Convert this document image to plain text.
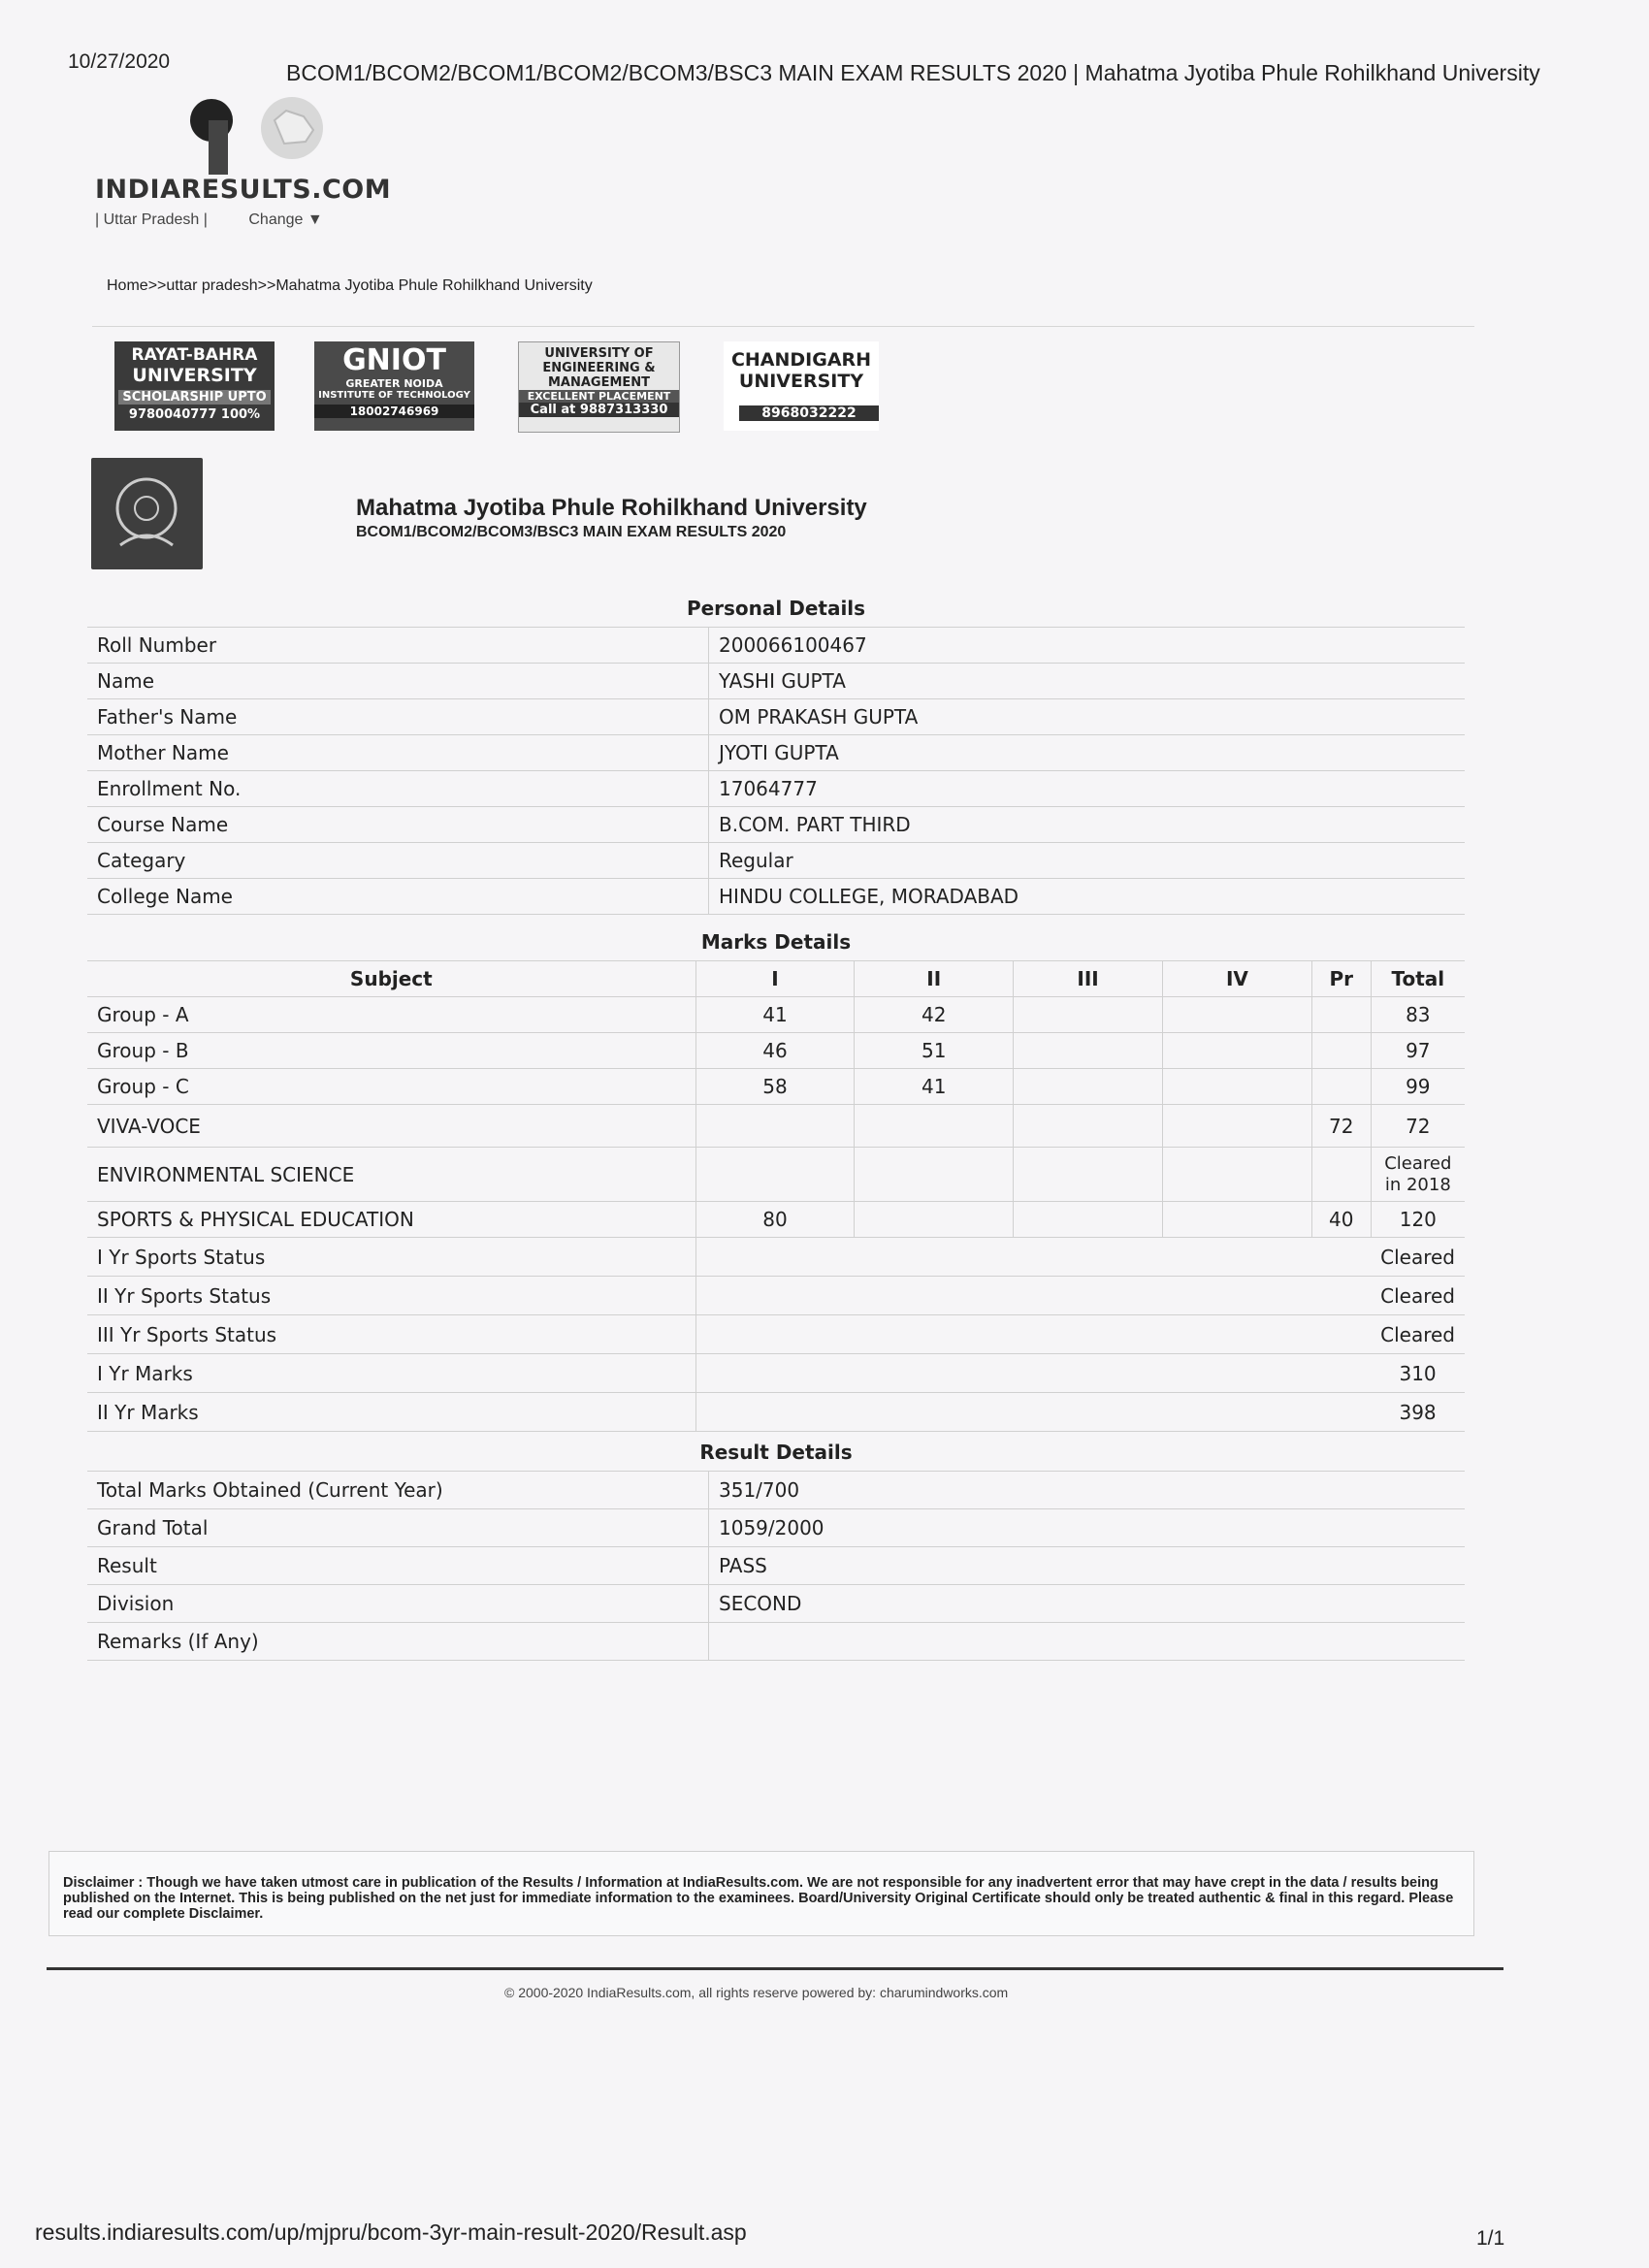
10/27/2020	BCOM1/BCOM2/BCOM1/BCOM2/BCOM3/BSC3 MAIN EXAM RESULTS 2020 | Mahatma Jyotiba Phule Rohilkhand University
INDIARESULTS.COM
| Uttar Pradesh |	Change ▼
Home>>uttar pradesh>>Mahatma Jyotiba Phule Rohilkhand University
RAYAT-BAHRA
UNIVERSITY
SCHOLARSHIP UPTO
9780040777 100%
GNIOT
GREATER NOIDA
INSTITUTE OF TECHNOLOGY
18002746969
UNIVERSITY OF
ENGINEERING &
MANAGEMENT
EXCELLENT PLACEMENT
Call at 9887313330
CHANDIGARH
UNIVERSITY
8968032222
Mahatma Jyotiba Phule Rohilkhand University
BCOM1/BCOM2/BCOM3/BSC3 MAIN EXAM RESULTS 2020
Personal Details	
Roll Number	200066100467
Name	YASHI GUPTA
Father's Name	OM PRAKASH GUPTA
Mother Name	JYOTI GUPTA
Enrollment No.	17064777
Course Name	B.COM. PART THIRD
Categary	Regular
College Name	HINDU COLLEGE, MORADABAD
Marks Details						
Subject	I	II	III	IV	Pr	Total
Group - A	41	42				83
Group - B	46	51				97
Group - C	58	41				99
VIVA-VOCE					72	72
ENVIRONMENTAL SCIENCE						Cleared in 2018
SPORTS & PHYSICAL EDUCATION	80				40	120
I Yr Sports Status						Cleared
II Yr Sports Status						Cleared
III Yr Sports Status						Cleared
I Yr Marks						310
II Yr Marks						398
Result Details	
Total Marks Obtained (Current Year)	351/700
Grand Total	1059/2000
Result	PASS
Division	SECOND
Remarks (If Any)	
Disclaimer : Though we have taken utmost care in publication of the Results / Information at IndiaResults.com. We are not responsible for any inadvertent error that may have crept in the data / results being published on the Internet. This is being published on the net just for immediate information to the examinees. Board/University Original Certificate should only be treated authentic & final in this regard. Please read our complete Disclaimer.
© 2000-2020 IndiaResults.com, all rights reserve powered by: charumindworks.com
results.indiaresults.com/up/mjpru/bcom-3yr-main-result-2020/Result.asp	1/1
